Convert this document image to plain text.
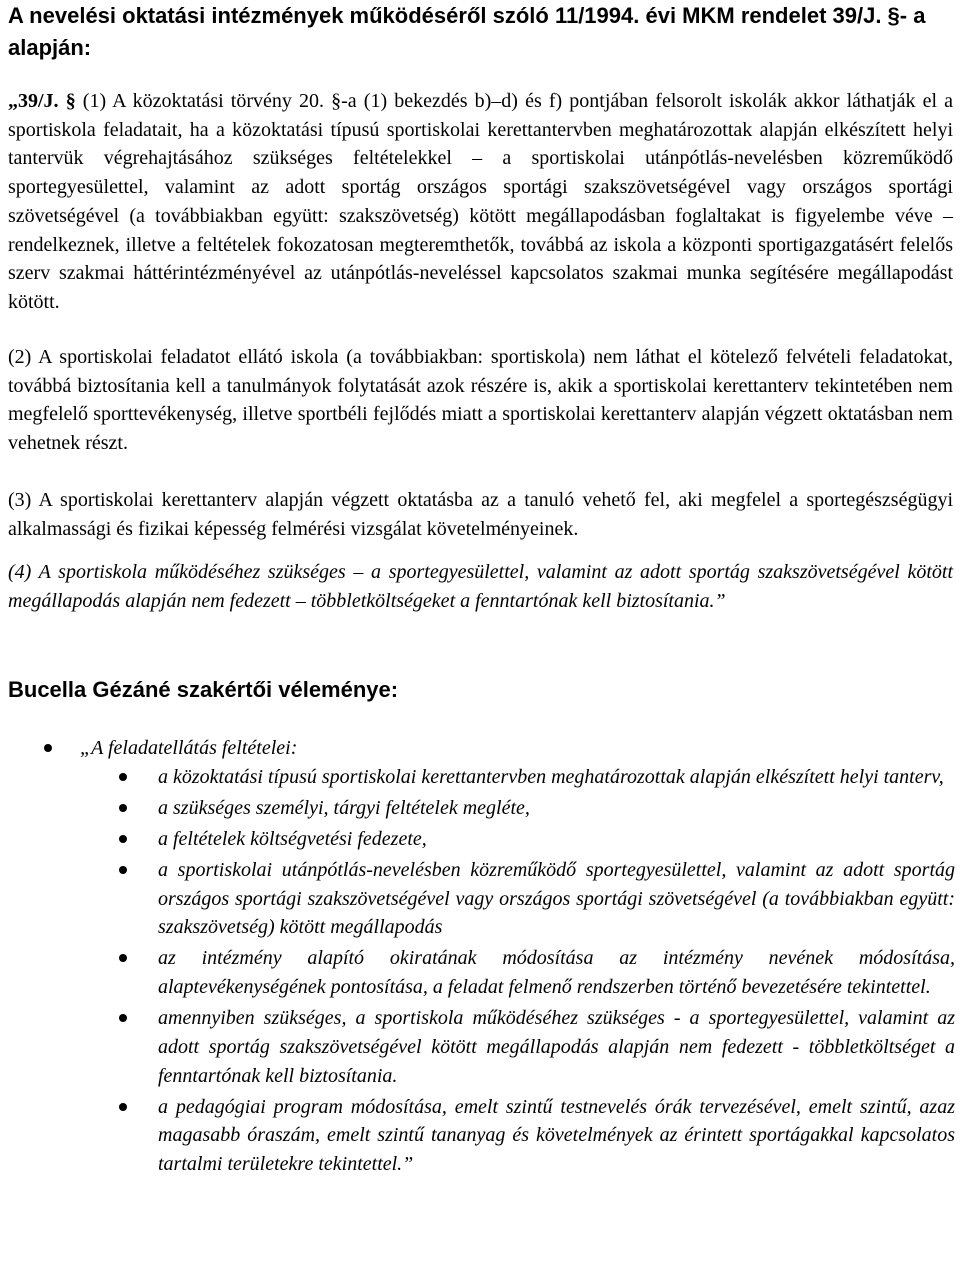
A nevelési oktatási intézmények működéséről szóló 11/1994. évi MKM rendelet 39/J. §- a alapján:

„39/J. § (1) A közoktatási törvény 20. §-a (1) bekezdés b)–d) és f) pontjában felsorolt iskolák akkor láthatják el a sportiskola feladatait, ha a közoktatási típusú sportiskolai kerettantervben meghatározottak alapján elkészített helyi tantervük végrehajtásához szükséges feltételekkel – a sportiskolai utánpótlás-nevelésben közreműködő sportegyesülettel, valamint az adott sportág országos sportági szakszövetségével vagy országos sportági szövetségével (a továbbiakban együtt: szakszövetség) kötött megállapodásban foglaltakat is figyelembe véve – rendelkeznek, illetve a feltételek fokozatosan megteremthetők, továbbá az iskola a központi sportigazgatásért felelős szerv szakmai háttérintézményével az utánpótlás-neveléssel kapcsolatos szakmai munka segítésére megállapodást kötött.

(2) A sportiskolai feladatot ellátó iskola (a továbbiakban: sportiskola) nem láthat el kötelező felvételi feladatokat, továbbá biztosítania kell a tanulmányok folytatását azok részére is, akik a sportiskolai kerettanterv tekintetében nem megfelelő sporttevékenység, illetve sportbéli fejlődés miatt a sportiskolai kerettanterv alapján végzett oktatásban nem vehetnek részt.

(3) A sportiskolai kerettanterv alapján végzett oktatásba az a tanuló vehető fel, aki megfelel a sportegészségügyi alkalmassági és fizikai képesség felmérési vizsgálat követelményeinek.

(4) A sportiskola működéséhez szükséges – a sportegyesülettel, valamint az adott sportág szakszövetségével kötött megállapodás alapján nem fedezett – többletköltségeket a fenntartónak kell biztosítania.”

Bucella Gézáné szakértői véleménye:
„A feladatellátás feltételei:
a közoktatási típusú sportiskolai kerettantervben meghatározottak alapján elkészített helyi tanterv,
a szükséges személyi, tárgyi feltételek megléte,
a feltételek költségvetési fedezete,
a sportiskolai utánpótlás-nevelésben közreműködő sportegyesülettel, valamint az adott sportág országos sportági szakszövetségével vagy országos sportági szövetségével (a továbbiakban együtt: szakszövetség) kötött megállapodás
az intézmény alapító okiratának módosítása az intézmény nevének módosítása, alaptevékenységének pontosítása, a feladat felmenő rendszerben történő bevezetésére tekintettel.
amennyiben szükséges, a sportiskola működéséhez szükséges - a sportegyesülettel, valamint az adott sportág szakszövetségével kötött megállapodás alapján nem fedezett - többletköltséget a fenntartónak kell biztosítania.
a pedagógiai program módosítása, emelt szintű testnevelés órák tervezésével, emelt szintű, azaz magasabb óraszám, emelt szintű tananyag és követelmények az érintett sportágakkal kapcsolatos tartalmi területekre tekintettel.”
